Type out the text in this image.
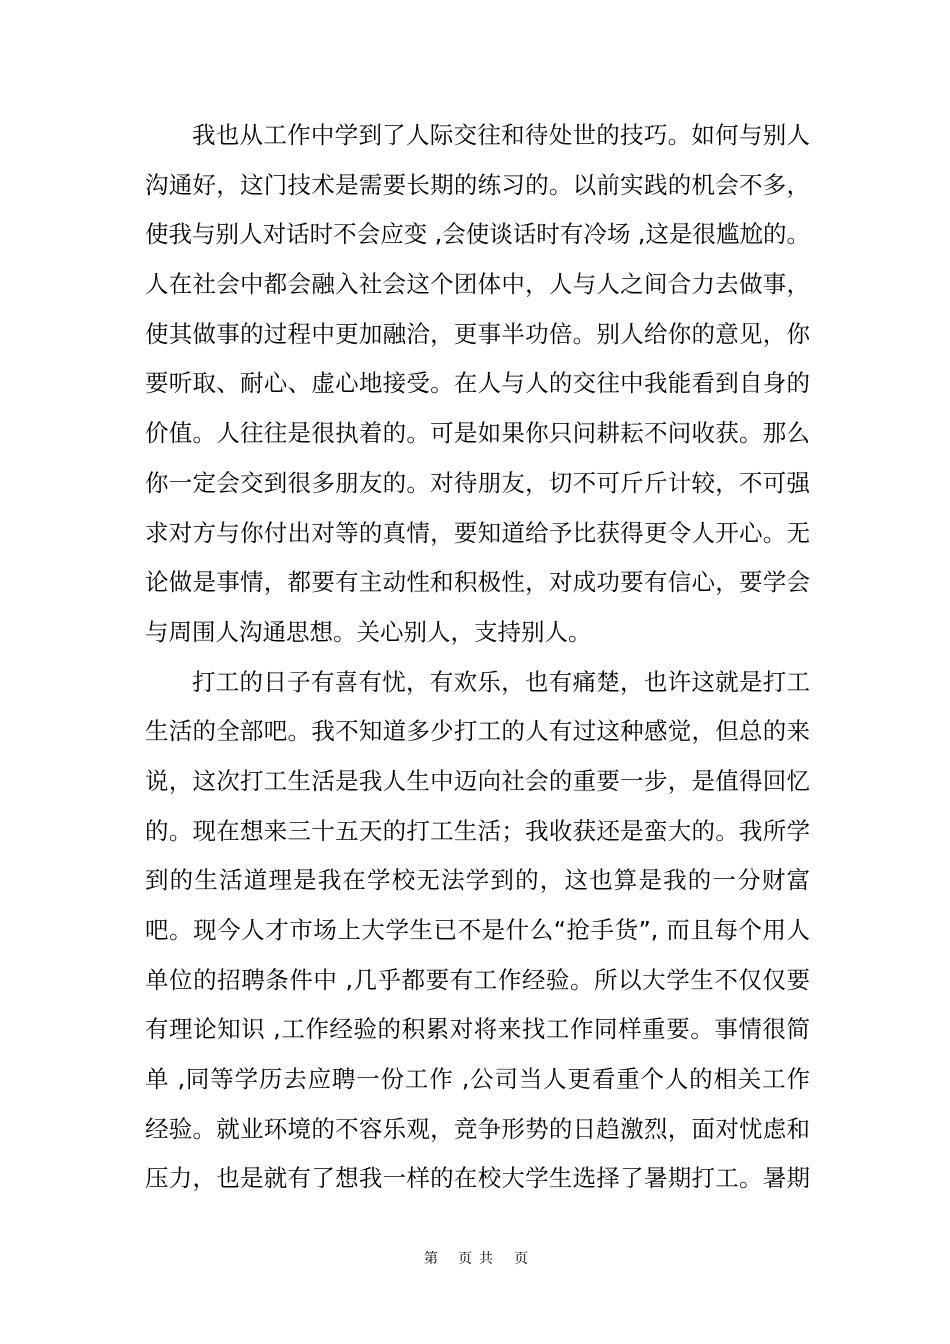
我也从工作中学到了人际交往和待处世的技巧。如何与别人
沟通好，这门技术是需要长期的练习的。以前实践的机会不多，
使我与别人对话时不会应变 ,会使谈话时有冷场 ,这是很尴尬的。
人在社会中都会融入社会这个团体中，人与人之间合力去做事，
使其做事的过程中更加融洽，更事半功倍。别人给你的意见，你
要听取、耐心、虚心地接受。在人与人的交往中我能看到自身的
价值。人往往是很执着的。可是如果你只问耕耘不问收获。那么
你一定会交到很多朋友的。对待朋友，切不可斤斤计较，不可强
求对方与你付出对等的真情，要知道给予比获得更令人开心。无
论做是事情，都要有主动性和积极性，对成功要有信心，要学会
与周围人沟通思想。关心别人，支持别人。
打工的日子有喜有忧，有欢乐，也有痛楚，也许这就是打工
生活的全部吧。我不知道多少打工的人有过这种感觉，但总的来
说，这次打工生活是我人生中迈向社会的重要一步，是值得回忆
的。现在想来三十五天的打工生活；我收获还是蛮大的。我所学
到的生活道理是我在学校无法学到的，这也算是我的一分财富
吧。现今人才市场上大学生已不是什么“抢手货”, 而且每个用人
单位的招聘条件中 ,几乎都要有工作经验。所以大学生不仅仅要
有理论知识 ,工作经验的积累对将来找工作同样重要。事情很简
单 ,同等学历去应聘一份工作 ,公司当人更看重个人的相关工作
经验。就业环境的不容乐观，竞争形势的日趋激烈，面对忧虑和
压力，也是就有了想我一样的在校大学生选择了暑期打工。暑期
第 页 共 页
